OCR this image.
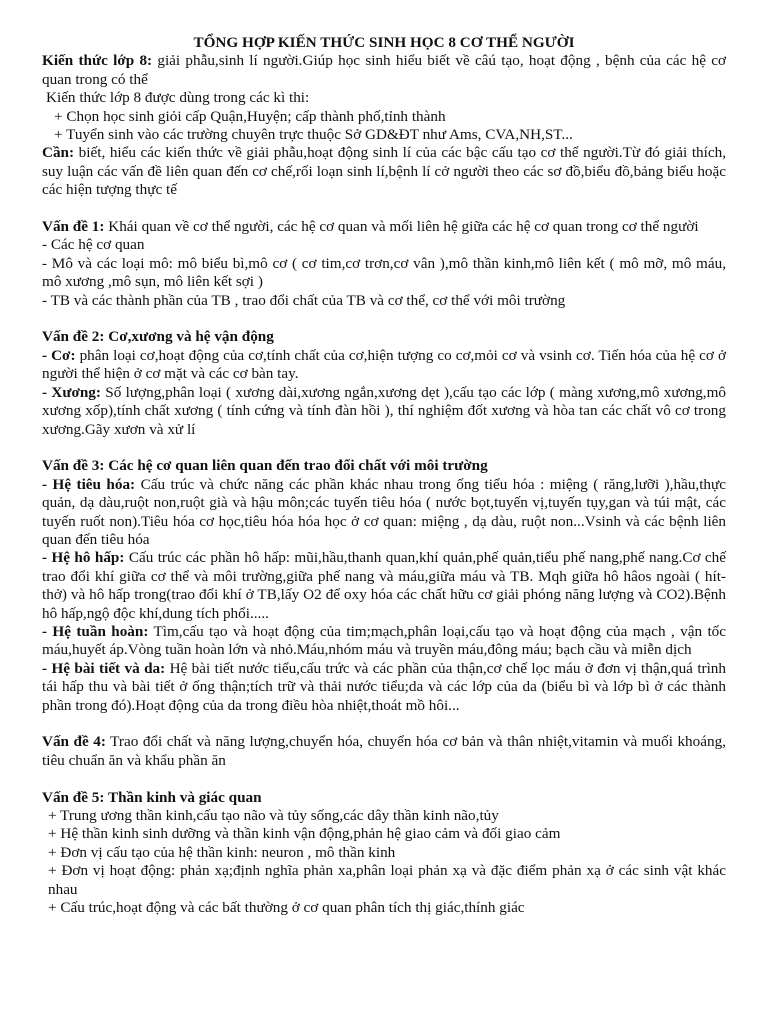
TỔNG HỢP KIẾN THỨC SINH HỌC 8 CƠ THỂ NGƯỜI

Kiến thức lớp 8: giải phẫu,sinh lí người.Giúp học sinh hiểu biết về câú tạo, hoạt động , bệnh của các hệ cơ quan trong có thể

Kiến thức lớp 8 được dùng trong các kì thi:

+ Chọn học sinh giỏi cấp Quận,Huyện; cấp thành phố,tỉnh thành

+ Tuyển sinh vào các trường chuyên trực thuộc Sở GD&ĐT như Ams, CVA,NH,ST...

Cần: biết, hiểu các kiến thức về giải phẫu,hoạt động sinh lí của các bậc cấu tạo cơ thể người.Từ đó giải thích, suy luận các vấn đề liên quan đến cơ chế,rối loạn sinh lí,bệnh lí cở người theo các sơ đồ,biểu đồ,bảng biểu hoặc các hiện tượng thực tế

Vấn đề 1: Khái quan về cơ thể người, các hệ cơ quan và mối liên hệ giữa các hệ cơ quan trong cơ thể người

- Các hệ cơ quan

- Mô và các loại mô: mô biểu bì,mô cơ ( cơ tim,cơ trơn,cơ vân ),mô thần kinh,mô liên kết ( mô mỡ, mô máu, mô xương ,mô sụn, mô liên kết sợi )

- TB và các thành phần của TB , trao đổi chất của TB và cơ thể, cơ thể với môi trường

Vấn đề 2: Cơ,xương và hệ vận động

- Cơ: phân loại cơ,hoạt động của cơ,tính chất của cơ,hiện tượng co cơ,mỏi cơ và vsinh cơ. Tiến hóa của hệ cơ ở người thể hiện ở cơ mặt và các cơ bàn tay.

- Xương: Số lượng,phân loại ( xương dài,xương ngắn,xương dẹt ),cấu tạo các lớp ( màng xương,mô xương,mô xương xốp),tính chất xương ( tính cứng và tính đàn hồi ), thí nghiệm đốt xương và hòa tan các chất vô cơ trong xương.Gãy xươn và xử lí

Vấn đề 3: Các hệ cơ quan liên quan đến trao đổi chất với môi trường

- Hệ tiêu hóa: Cấu trúc và chức năng các phần khác nhau trong ống tiểu hóa : miệng ( răng,lưỡi ),hầu,thực quản, dạ dàu,ruột non,ruột già và hậu môn;các tuyến tiêu hóa ( nước bọt,tuyến vị,tuyến tụy,gan và túi mật, các tuyến ruốt non).Tiêu hóa cơ học,tiêu hóa hóa học ở cơ quan: miệng , dạ dàu, ruột non...Vsinh và các bệnh liên quan đến tiêu hóa

- Hệ hô hấp: Cấu trúc các phần hô hấp: mũi,hầu,thanh quan,khí quản,phế quản,tiểu phế nang,phế nang.Cơ chế trao đổi khí giữa cơ thể và môi trường,giữa phế nang và máu,giữa máu và TB. Mqh giữa hô hâos ngoài ( hít-thở) và hô hấp trong(trao đổi khí ở TB,lấy O2 để oxy hóa các chất hữu cơ giải phóng năng lượng và CO2).Bệnh hô hấp,ngộ độc khí,dung tích phổi.....

- Hệ tuần hoàn: Tìm,cấu tạo và hoạt động của tim;mạch,phân loại,cấu tạo và hoạt động của mạch , vận tốc máu,huyết áp.Vòng tuần hoàn lớn và nhỏ.Máu,nhóm máu và truyền máu,đông máu; bạch cầu và miễn dịch

- Hệ bài tiết và da: Hệ bài tiết nước tiểu,cấu trức và các phần của thận,cơ chế lọc máu ở đơn vị thận,quá trình tái hấp thu và bài tiết ở ống thận;tích trữ và thải nước tiểu;da và các lớp của da (biểu bì và lớp bì ở các thành phần trong đó).Hoạt động của da trong điều hòa nhiệt,thoát mồ hôi...

Vấn đề 4: Trao đổi chất và năng lượng,chuyển hóa, chuyển hóa cơ bản và thân nhiệt,vitamin và muối khoáng, tiêu chuẩn ăn và khẩu phần ăn

Vấn đề 5: Thần kinh và giác quan

+ Trung ương thần kinh,cấu tạo não và tủy sống,các dây thần kinh não,tủy

+ Hệ thần kinh sinh dưỡng và thần kinh vận động,phản hệ giao cảm và đối giao cảm

+ Đơn vị cấu tạo của hệ thần kinh: neuron , mô thần kinh

+ Đơn vị hoạt động: phản xạ;định nghĩa phản xa,phân loại phản xạ và đặc điểm phản xạ ở các sinh vật khác nhau

+ Cấu trúc,hoạt động và các bất thường ở cơ quan phân tích thị giác,thính giác
